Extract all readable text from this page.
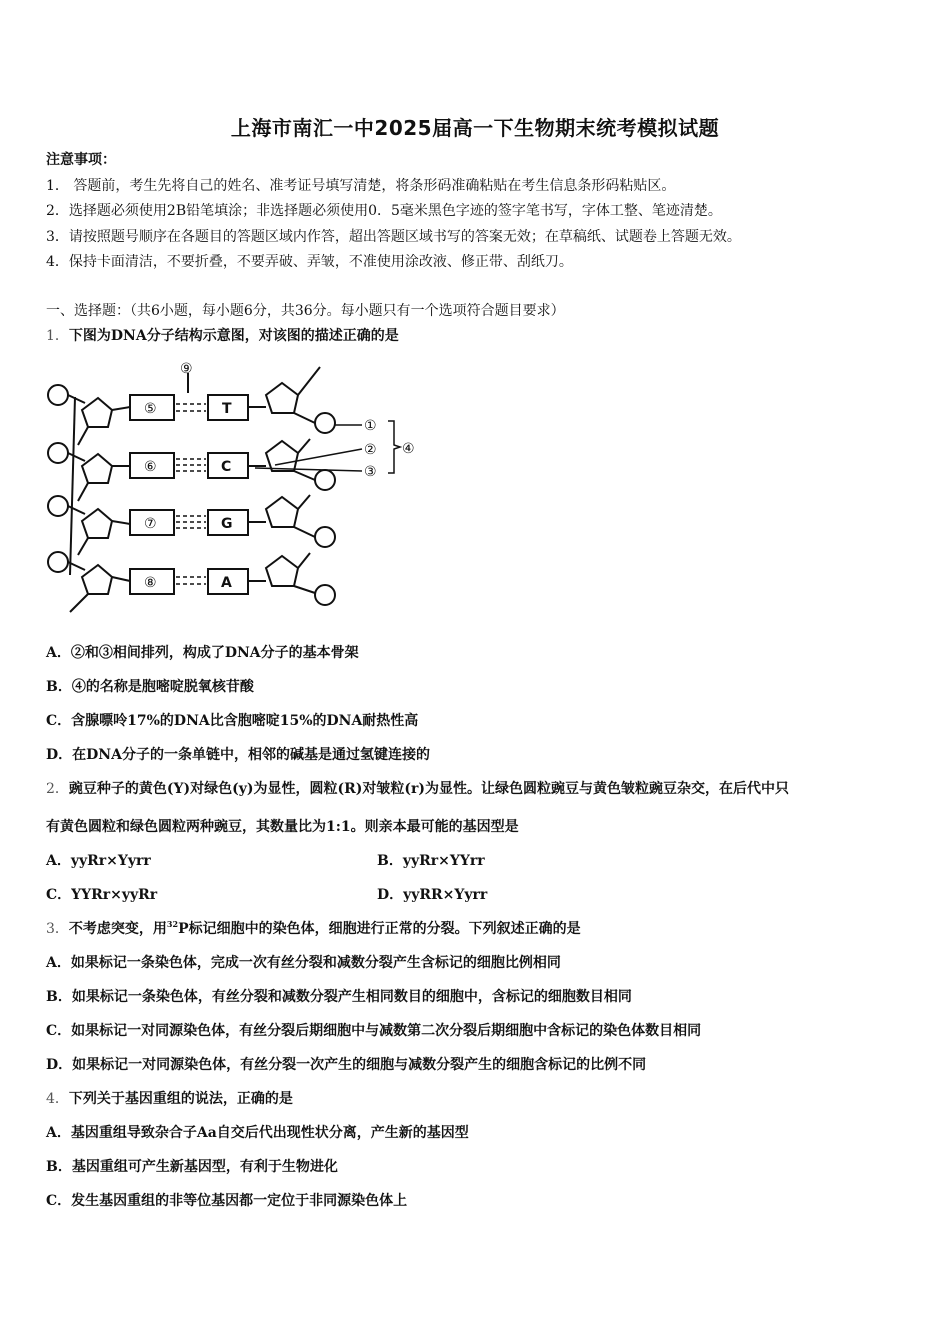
上海市南汇一中2025届高一下生物期末统考模拟试题
注意事项：
1． 答题前，考生先将自己的姓名、准考证号填写清楚，将条形码准确粘贴在考生信息条形码粘贴区。
2．选择题必须使用2B铅笔填涂；非选择题必须使用0．5毫米黑色字迹的签字笔书写，字体工整、笔迹清楚。
3．请按照题号顺序在各题目的答题区域内作答，超出答题区域书写的答案无效；在草稿纸、试题卷上答题无效。
4．保持卡面清洁，不要折叠，不要弄破、弄皱，不准使用涂改液、修正带、刮纸刀。
一、选择题：（共6小题，每小题6分，共36分。每小题只有一个选项符合题目要求）
1．下图为DNA分子结构示意图，对该图的描述正确的是
⑨
⑤
⑥
⑦
⑧
T
C
G
A
①
②
③
④
A．②和③相间排列，构成了DNA分子的基本骨架
B．④的名称是胞嘧啶脱氧核苷酸
C．含腺嘌呤17%的DNA比含胞嘧啶15%的DNA耐热性高
D．在DNA分子的一条单链中，相邻的碱基是通过氢键连接的
2．豌豆种子的黄色(Y)对绿色(y)为显性，圆粒(R)对皱粒(r)为显性。让绿色圆粒豌豆与黄色皱粒豌豆杂交，在后代中只
有黄色圆粒和绿色圆粒两种豌豆，其数量比为1:1。则亲本最可能的基因型是
A．yyRr×Yyrr	B．yyRr×YYrr
C．YYRr×yyRr	D．yyRR×Yyrr
3．不考虑突变，用$^{32}$P标记细胞中的染色体，细胞进行正常的分裂。下列叙述正确的是
A．如果标记一条染色体，完成一次有丝分裂和减数分裂产生含标记的细胞比例相同
B．如果标记一条染色体，有丝分裂和减数分裂产生相同数目的细胞中，含标记的细胞数目相同
C．如果标记一对同源染色体，有丝分裂后期细胞中与减数第二次分裂后期细胞中含标记的染色体数目相同
D．如果标记一对同源染色体，有丝分裂一次产生的细胞与减数分裂产生的细胞含标记的比例不同
4．下列关于基因重组的说法，正确的是
A．基因重组导致杂合子Aa自交后代出现性状分离，产生新的基因型
B．基因重组可产生新基因型，有利于生物进化
C．发生基因重组的非等位基因都一定位于非同源染色体上
